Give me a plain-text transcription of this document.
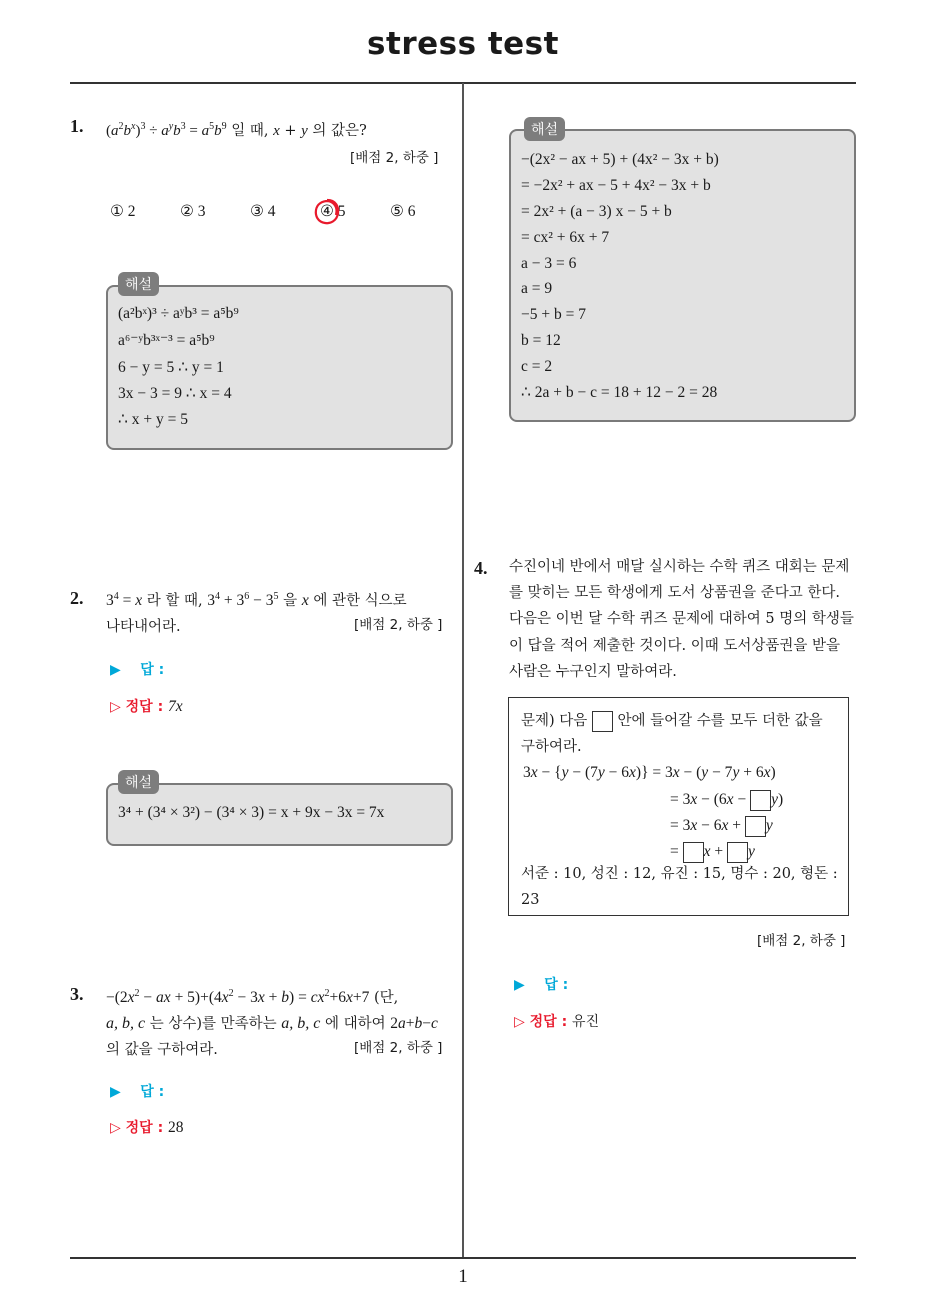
stress test
1
1. $(a^2b^x)^3 \div a^yb^3 = a^5b^9$ 일 때, x + y 의 값은?
[배점 2, 하중 ]
① 2	② 3	③ 4	④ 5	⑤ 6
해설
(a²bˣ)³ ÷ aʸb³ = a⁵b⁹
a⁶⁻ʸb³ˣ⁻³ = a⁵b⁹
6 − y = 5 ∴ y = 1
3x − 3 = 9 ∴ x = 4
∴ x + y = 5
2. $3^4 = x$ 라 할 때, $3^4 + 3^6 - 3^5$ 을 x 에 관한 식으로
나타내어라.	[배점 2, 하중 ]
▶    답 :
▷ 정답 : 7x
해설
3⁴ + (3⁴ × 3²) − (3⁴ × 3) = x + 9x − 3x = 7x
3. $-(2x^2$ − ax + $5)+(4x^2 - 3x + b) = cx^2+6x+7$ (단,
a, b, c 는 상수)를 만족하는 a, b, c 에 대하여 2a+b−c
의 값을 구하여라.	[배점 2, 하중 ]
▶    답 :
▷ 정답 : 28
해설
−(2x² − ax + 5) + (4x² − 3x + b)
= −2x² + ax − 5 + 4x² − 3x + b
= 2x² + (a − 3) x − 5 + b
= cx² + 6x + 7
a − 3 = 6
a = 9
−5 + b = 7
b = 12
c = 2
∴ 2a + b − c = 18 + 12 − 2 = 28
4. 수진이네 반에서 매달 실시하는 수학 퀴즈 대회는 문제
를 맞히는 모든 학생에게 도서 상품권을 준다고 한다.
다음은 이번 달 수학 퀴즈 문제에 대하여 5 명의 학생들
이 답을 적어 제출한 것이다. 이때 도서상품권을 받을
사람은 누구인지 말하여라.
문제) 다음 안에 들어갈 수를 모두 더한 값을
구하여라.
3x − {y − (7y − 6x)} = 3x − (y − 7y + 6x)
= 3x − (6x − y)
= 3x − 6x + y
= x + y
서준 : 10, 성진 : 12, 유진 : 15, 명수 : 20, 형돈 :
23
[배점 2, 하중 ]
▶    답 :
▷ 정답 : 유진
